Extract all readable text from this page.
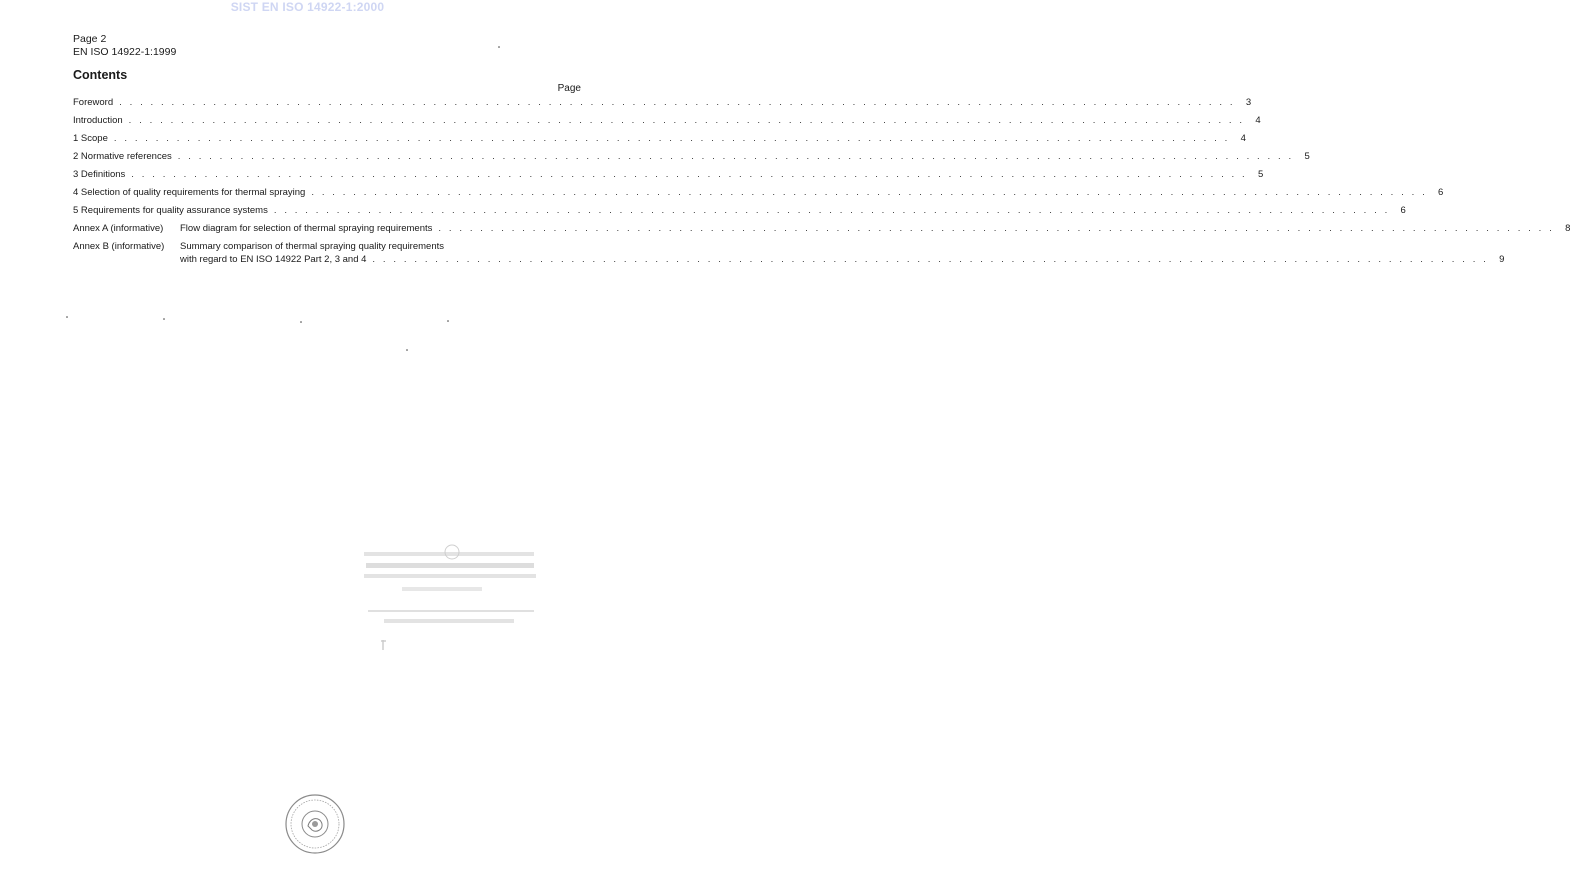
SIST EN ISO 14922-1:2000
Page 2
EN ISO 14922-1:1999
Contents
Page
Foreword . . . . . . . . . . . . . . . . . . . . . . . . . . . . . . . . . . . . . . . . . . . . . . . . . . . . . . . . . . . . . . . . . . . . . . . . . . . . . . . . . . . . . . . . . . . . . . . . . . . . . . . . . . .	3
Introduction . . . . . . . . . . . . . . . . . . . . . . . . . . . . . . . . . . . . . . . . . . . . . . . . . . . . . . . . . . . . . . . . . . . . . . . . . . . . . . . . . . . . . . . . . . . . . . . . . . . . . . . . . . .	4
1 Scope . . . . . . . . . . . . . . . . . . . . . . . . . . . . . . . . . . . . . . . . . . . . . . . . . . . . . . . . . . . . . . . . . . . . . . . . . . . . . . . . . . . . . . . . . . . . . . . . . . . . . . . . . . .	4
2 Normative references . . . . . . . . . . . . . . . . . . . . . . . . . . . . . . . . . . . . . . . . . . . . . . . . . . . . . . . . . . . . . . . . . . . . . . . . . . . . . . . . . . . . . . . . . . . . . . . . . . . . . . . . . . .	5
3 Definitions . . . . . . . . . . . . . . . . . . . . . . . . . . . . . . . . . . . . . . . . . . . . . . . . . . . . . . . . . . . . . . . . . . . . . . . . . . . . . . . . . . . . . . . . . . . . . . . . . . . . . . . . . . .	5
4 Selection of quality requirements for thermal spraying . . . . . . . . . . . . . . . . . . . . . . . . . . . . . . . . . . . . . . . . . . . . . . . . . . . . . . . . . . . . . . . . . . . . . . . . . . . . . . . . . . . . . . . . . . . . . . . . . . . . . . . . . . .	6
5 Requirements for quality assurance systems . . . . . . . . . . . . . . . . . . . . . . . . . . . . . . . . . . . . . . . . . . . . . . . . . . . . . . . . . . . . . . . . . . . . . . . . . . . . . . . . . . . . . . . . . . . . . . . . . . . . . . . . . . .	6
Annex A (informative) Flow diagram for selection of thermal spraying requirements . . . . . . . . . . . . . . . . . . . . . . . . . . . . . . . . . . . . . . . . . . . . . . . . . . . . . . . . . . . . . . . . . . . . . . . . . . . . . . . . . . . . . . . . . . . . . . . . . . . . . . . . . . .	8
Annex B (informative) Summary comparison of thermal spraying quality requirements
with regard to EN ISO 14922 Part 2, 3 and 4 . . . . . . . . . . . . . . . . . . . . . . . . . . . . . . . . . . . . . . . . . . . . . . . . . . . . . . . . . . . . . . . . . . . . . . . . . . . . . . . . . . . . . . . . . . . . . . . . . . . . . . . . . . .	9
